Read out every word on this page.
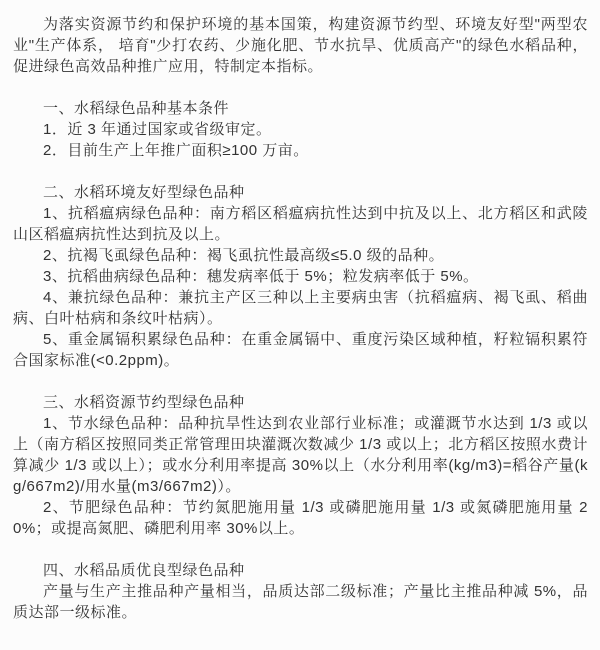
为落实资源节约和保护环境的基本国策，构建资源节约型、环境友好型"两型农业"生产体系， 培育"少打农药、少施化肥、节水抗旱、优质高产"的绿色水稻品种，促进绿色高效品种推广应用，特制定本指标。

一、水稻绿色品种基本条件

1．近 3 年通过国家或省级审定。

2．目前生产上年推广面积≥100 万亩。

二、水稻环境友好型绿色品种

1、抗稻瘟病绿色品种：南方稻区稻瘟病抗性达到中抗及以上、北方稻区和武陵山区稻瘟病抗性达到抗及以上。

2、抗褐飞虱绿色品种：褐飞虱抗性最高级≤5.0 级的品种。

3、抗稻曲病绿色品种：穗发病率低于 5%；粒发病率低于 5%。

4、兼抗绿色品种：兼抗主产区三种以上主要病虫害（抗稻瘟病、褐飞虱、稻曲病、白叶枯病和条纹叶枯病）。

5、重金属镉积累绿色品种：在重金属镉中、重度污染区域种植，籽粒镉积累符合国家标准(<0.2ppm)。

三、水稻资源节约型绿色品种

1、节水绿色品种：品种抗旱性达到农业部行业标准；或灌溉节水达到 1/3 或以上（南方稻区按照同类正常管理田块灌溉次数减少 1/3 或以上；北方稻区按照水费计算减少 1/3 或以上）；或水分利用率提高 30%以上（水分利用率(kg/m3)=稻谷产量(kg/667m2)/用水量(m3/667m2)）。

2、节肥绿色品种：节约氮肥施用量 1/3 或磷肥施用量 1/3 或氮磷肥施用量 20%；或提高氮肥、磷肥利用率 30%以上。

四、水稻品质优良型绿色品种

产量与生产主推品种产量相当，品质达部二级标准；产量比主推品种减 5%，品质达部一级标准。
